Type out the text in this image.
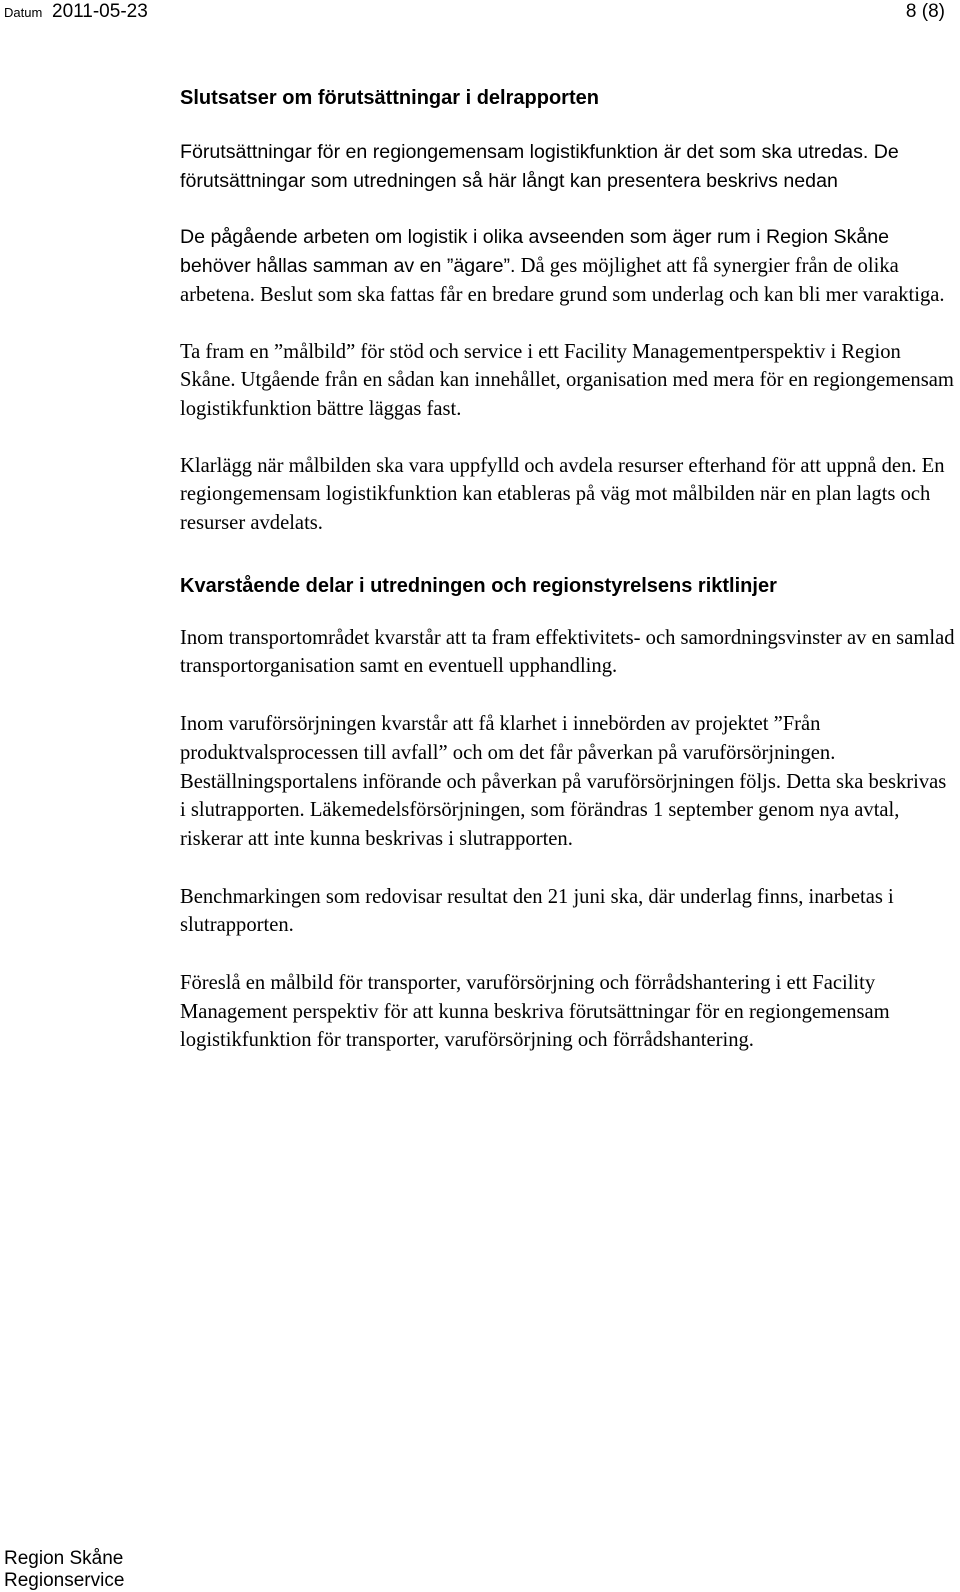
Datum 2011-05-23	8 (8)
Slutsatser om förutsättningar i delrapporten

Förutsättningar för en regiongemensam logistikfunktion är det som ska utredas. De förutsättningar som utredningen så här långt kan presentera beskrivs nedan

De pågående arbeten om logistik i olika avseenden som äger rum i Region Skåne behöver hållas samman av en ”ägare”. Då ges möjlighet att få synergier från de olika arbetena. Beslut som ska fattas får en bredare grund som underlag och kan bli mer varaktiga.

Ta fram en ”målbild” för stöd och service i ett Facility Managementperspektiv i Region Skåne. Utgående från en sådan kan innehållet, organisation med mera för en regiongemensam logistikfunktion bättre läggas fast.

Klarlägg när målbilden ska vara uppfylld och avdela resurser efterhand för att uppnå den. En regiongemensam logistikfunktion kan etableras på väg mot målbilden när en plan lagts och resurser avdelats.

Kvarstående delar i utredningen och regionstyrelsens riktlinjer

Inom transportområdet kvarstår att ta fram effektivitets- och samordningsvinster av en samlad transportorganisation samt en eventuell upphandling.

Inom varuförsörjningen kvarstår att få klarhet i innebörden av projektet ”Från produktvalsprocessen till avfall” och om det får påverkan på varuförsörjningen. Beställningsportalens införande och påverkan på varuförsörjningen följs. Detta ska beskrivas i slutrapporten. Läkemedelsförsörjningen, som förändras 1 september genom nya avtal, riskerar att inte kunna beskrivas i slutrapporten.

Benchmarkingen som redovisar resultat den 21 juni ska, där underlag finns, inarbetas i slutrapporten.

Föreslå en målbild för transporter, varuförsörjning och förrådshantering i ett Facility Management perspektiv för att kunna beskriva förutsättningar för en regiongemensam logistikfunktion för transporter, varuförsörjning och förrådshantering.

Region Skåne
Regionservice
